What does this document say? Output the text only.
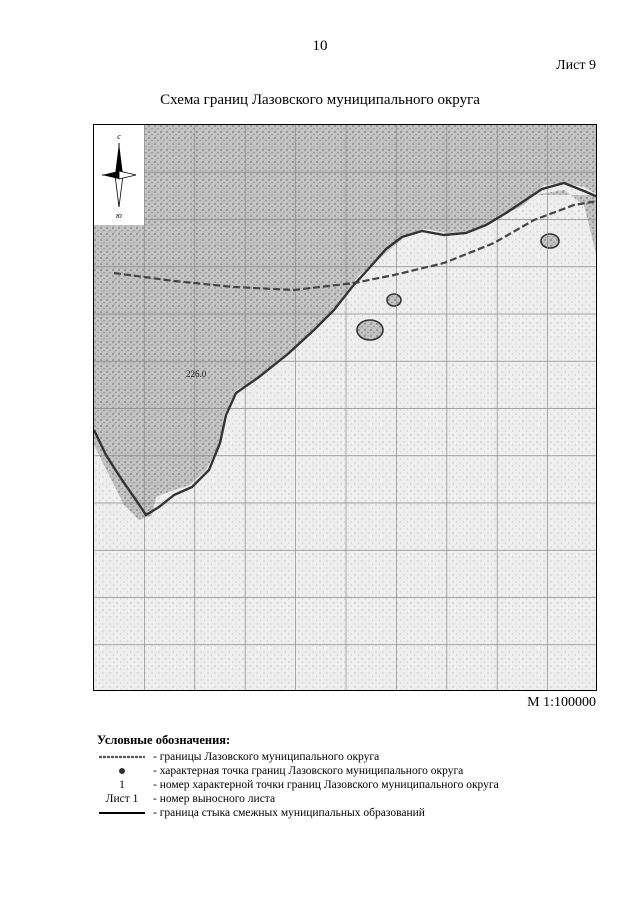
10
Лист 9
Схема границ Лазовского муниципального округа
с
ю
226.0
М 1:100000
Условные обозначения:
- границы Лазовского муниципального округа
- характерная точка границ Лазовского муниципального округа
1	- номер характерной точки границ Лазовского муниципального округа
Лист 1	- номер выносного листа
- граница стыка смежных муниципальных образований
